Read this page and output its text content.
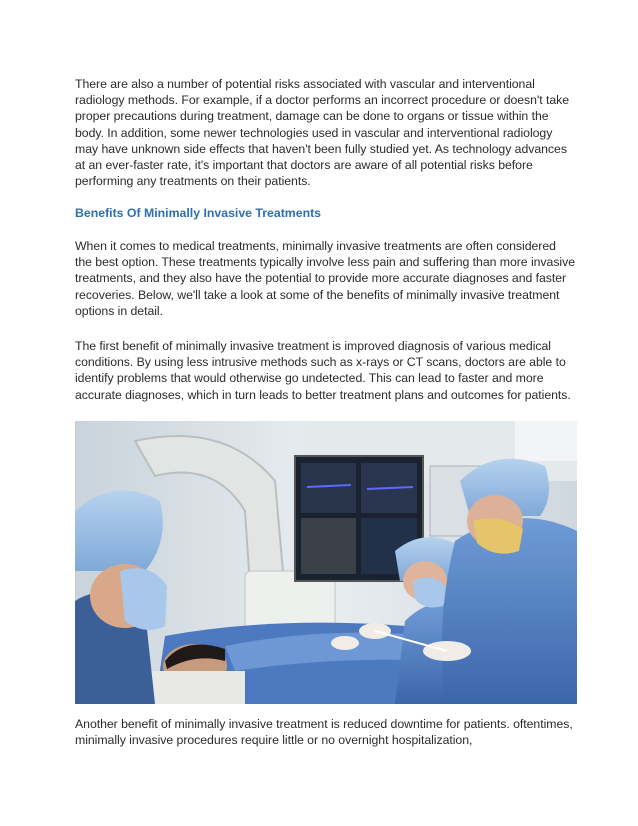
There are also a number of potential risks associated with vascular and interventional radiology methods. For example, if a doctor performs an incorrect procedure or doesn't take proper precautions during treatment, damage can be done to organs or tissue within the body. In addition, some newer technologies used in vascular and interventional radiology may have unknown side effects that haven't been fully studied yet. As technology advances at an ever-faster rate, it's important that doctors are aware of all potential risks before performing any treatments on their patients.

Benefits Of Minimally Invasive Treatments

When it comes to medical treatments, minimally invasive treatments are often considered the best option. These treatments typically involve less pain and suffering than more invasive treatments, and they also have the potential to provide more accurate diagnoses and faster recoveries. Below, we'll take a look at some of the benefits of minimally invasive treatment options in detail.

The first benefit of minimally invasive treatment is improved diagnosis of various medical conditions. By using less intrusive methods such as x-rays or CT scans, doctors are able to identify problems that would otherwise go undetected. This can lead to faster and more accurate diagnoses, which in turn leads to better treatment plans and outcomes for patients.

Another benefit of minimally invasive treatment is reduced downtime for patients. oftentimes, minimally invasive procedures require little or no overnight hospitalization,
